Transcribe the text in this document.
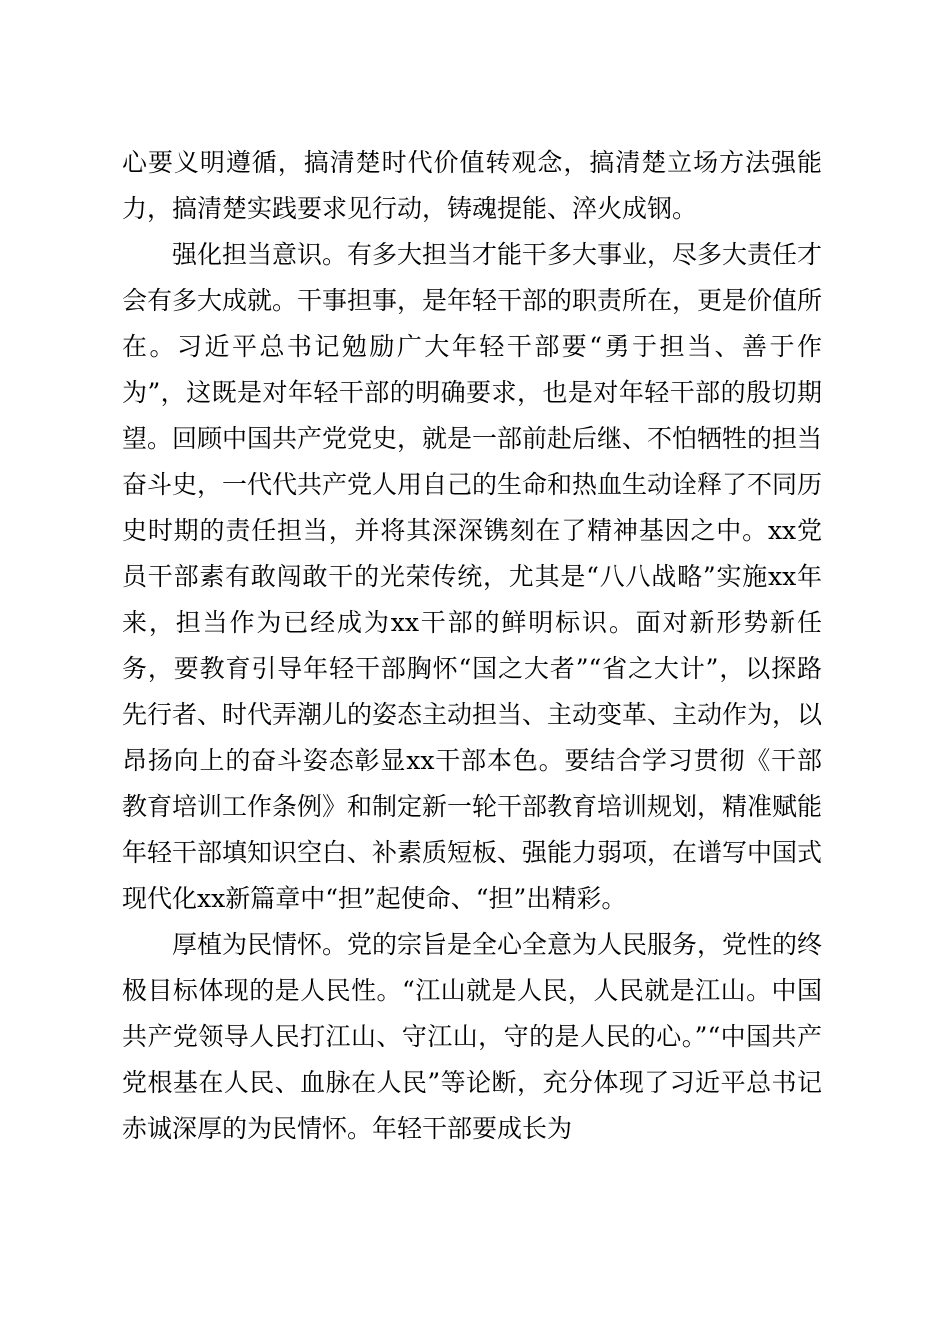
心要义明遵循，搞清楚时代价值转观念，搞清楚立场方法强能力，搞清楚实践要求见行动，铸魂提能、淬火成钢。

强化担当意识。有多大担当才能干多大事业，尽多大责任才会有多大成就。干事担事，是年轻干部的职责所在，更是价值所在。习近平总书记勉励广大年轻干部要“勇于担当、善于作为”，这既是对年轻干部的明确要求，也是对年轻干部的殷切期望。回顾中国共产党党史，就是一部前赴后继、不怕牺牲的担当奋斗史，一代代共产党人用自己的生命和热血生动诠释了不同历史时期的责任担当，并将其深深镌刻在了精神基因之中。xx党员干部素有敢闯敢干的光荣传统，尤其是“八八战略”实施xx年来，担当作为已经成为xx干部的鲜明标识。面对新形势新任务，要教育引导年轻干部胸怀“国之大者”“省之大计”，以探路先行者、时代弄潮儿的姿态主动担当、主动变革、主动作为，以昂扬向上的奋斗姿态彰显xx干部本色。要结合学习贯彻《干部教育培训工作条例》和制定新一轮干部教育培训规划，精准赋能年轻干部填知识空白、补素质短板、强能力弱项，在谱写中国式现代化xx新篇章中“担”起使命、“担”出精彩。

厚植为民情怀。党的宗旨是全心全意为人民服务，党性的终极目标体现的是人民性。“江山就是人民，人民就是江山。中国共产党领导人民打江山、守江山，守的是人民的心。”“中国共产党根基在人民、血脉在人民”等论断，充分体现了习近平总书记赤诚深厚的为民情怀。年轻干部要成长为
